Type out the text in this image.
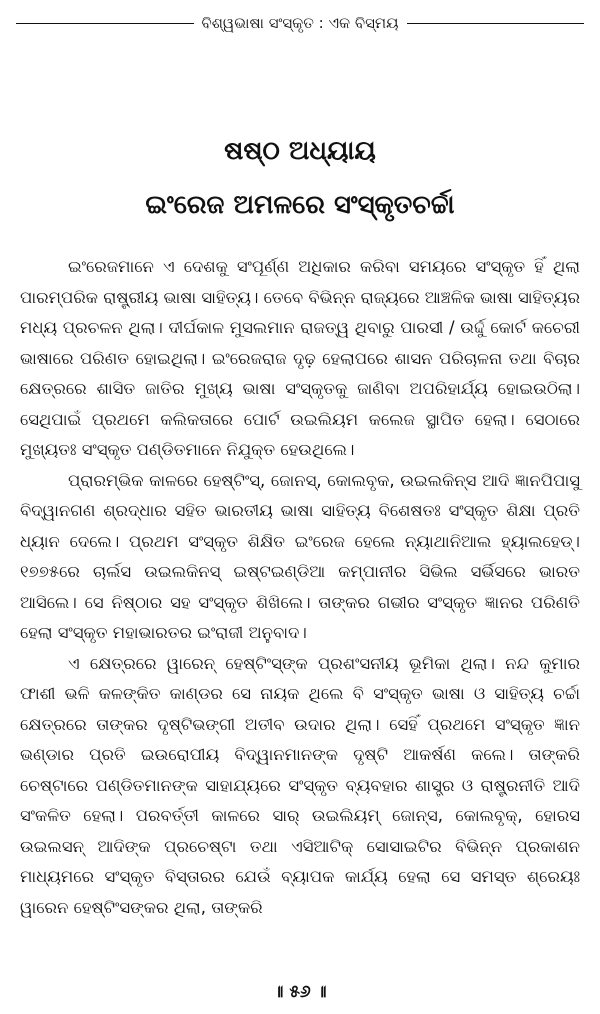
ବିଶ୍ୱଭାଷା ସଂସ୍କୃତ : ଏକ ବିସ୍ମୟ
ଷଷ୍ଠ ଅଧ୍ୟାୟ
ଇଂରେଜ ଅମଳରେ ସଂସ୍କୃତଚର୍ଚ୍ଚା

ଇଂରେଜମାନେ ଏ ଦେଶକୁ ସଂପୂର୍ଣ୍ଣ ଅଧିକାର କରିବା ସମୟରେ ସଂସ୍କୃତ ହିଁ ଥିଲା ପାରମ୍ପରିକ ରାଷ୍ଟ୍ରୀୟ ଭାଷା ସାହିତ୍ୟ। ତେବେ ବିଭିନ୍ନ ରାଜ୍ୟରେ ଆଞ୍ଚଳିକ ଭାଷା ସାହିତ୍ୟର ମଧ୍ୟ ପ୍ରଚଳନ ଥିଲା। ଦୀର୍ଘକାଳ ମୁସଲମାନ ରାଜତ୍ୱ ଥିବାରୁ ପାରସୀ / ଉର୍ଦ୍ଦୁ କୋର୍ଟ କଚେରୀ ଭାଷାରେ ପରିଣତ ହୋଇଥିଲା। ଇଂରେଜରାଜ ଦୃଢ଼ ହେଲାପରେ ଶାସନ ପରିଚାଳନା ତଥା ବିଚାର କ୍ଷେତ୍ରରେ ଶାସିତ ଜାତିର ମୁଖ୍ୟ ଭାଷା ସଂସ୍କୃତକୁ ଜାଣିବା ଅପରିହାର୍ଯ୍ୟ ହୋଇଉଠିଲା। ସେଥିପାଇଁ ପ୍ରଥମେ କଲିକତାରେ ପୋର୍ଟ ଉଇଲିୟମ କଲେଜ ସ୍ଥାପିତ ହେଲା। ସେଠାରେ ମୁଖ୍ୟତଃ ସଂସ୍କୃତ ପଣ୍ଡିତମାନେ ନିଯୁକ୍ତ ହେଉଥିଲେ।

ପ୍ରାରମ୍ଭିକ କାଳରେ ହେଷ୍ଟିଂସ୍, ଜୋନସ୍, କୋଲବୃକ, ଉଇଲକିନ୍ସ ଆଦି ଜ୍ଞାନପିପାସୁ ବିଦ୍ୱାନଗଣ ଶ୍ରଦ୍ଧାର ସହିତ ଭାରତୀୟ ଭାଷା ସାହିତ୍ୟ ବିଶେଷତଃ ସଂସ୍କୃତ ଶିକ୍ଷା ପ୍ରତି ଧ୍ୟାନ ଦେଲେ। ପ୍ରଥମ ସଂସ୍କୃତ ଶିକ୍ଷିତ ଇଂରେଜ ହେଲେ ନ୍ୟାଥାନିଆଲ ହ୍ୟାଲହେଡ୍। ୧୭୭୫ରେ ଚାର୍ଲସ ଉଇଲକିନସ୍ ଇଷ୍ଟଇଣ୍ଡିଆ କମ୍ପାନୀର ସିଭିଲ ସର୍ଭିସରେ ଭାରତ ଆସିଲେ। ସେ ନିଷ୍ଠାର ସହ ସଂସ୍କୃତ ଶିଖିଲେ। ତାଙ୍କର ଗଭୀର ସଂସ୍କୃତ ଜ୍ଞାନର ପରିଣତି ହେଲା ସଂସ୍କୃତ ମହାଭାରତର ଇଂରାଜୀ ଅନୁବାଦ।

ଏ କ୍ଷେତ୍ରରେ ୱାରେନ୍ ହେଷ୍ଟିଂସ୍ଙ୍କ ପ୍ରଶଂସନୀୟ ଭୂମିକା ଥିଲା। ନନ୍ଦ କୁମାର ଫାଶୀ ଭଳି କଳଙ୍କିତ କାଣ୍ଡର ସେ ନାୟକ ଥିଲେ ବି ସଂସ୍କୃତ ଭାଷା ଓ ସାହିତ୍ୟ ଚର୍ଚ୍ଚା କ୍ଷେତ୍ରରେ ତାଙ୍କର ଦୃଷ୍ଟିଭଙ୍ଗୀ ଅତୀବ ଉଦାର ଥିଲା। ସେହିଁ ପ୍ରଥମେ ସଂସ୍କୃତ ଜ୍ଞାନ ଭଣ୍ଡାର ପ୍ରତି ଇଉରୋପୀୟ ବିଦ୍ୱାନମାନଙ୍କ ଦୃଷ୍ଟି ଆକର୍ଷଣ କଲେ। ତାଙ୍କରି ଚେଷ୍ଟାରେ ପଣ୍ଡିତମାନଙ୍କ ସାହାଯ୍ୟରେ ସଂସ୍କୃତ ବ୍ୟବହାର ଶାସ୍ତ୍ର ଓ ରାଷ୍ଟ୍ରନୀତି ଆଦି ସଂକଳିତ ହେଲା। ପରବର୍ତ୍ତୀ କାଳରେ ସାର୍ ଉଇଲିୟମ୍ ଜୋନ୍ସ, କୋଲବୃକ୍, ହୋରସ ଉଇଲସନ୍ ଆଦିଙ୍କ ପ୍ରଚେଷ୍ଟା ତଥା ଏସିଆଟିକ୍ ସୋସାଇଟିର ବିଭିନ୍ନ ପ୍ରକାଶନ ମାଧ୍ୟମରେ ସଂସ୍କୃତ ବିସ୍ତାରର ଯେଉଁ ବ୍ୟାପକ କାର୍ଯ୍ୟ ହେଲା ସେ ସମସ୍ତ ଶ୍ରେୟଃ ୱାରେନ ହେଷ୍ଟିଂସଙ୍କର ଥିଲା, ତାଙ୍କରି

॥ ୫୬ ॥
